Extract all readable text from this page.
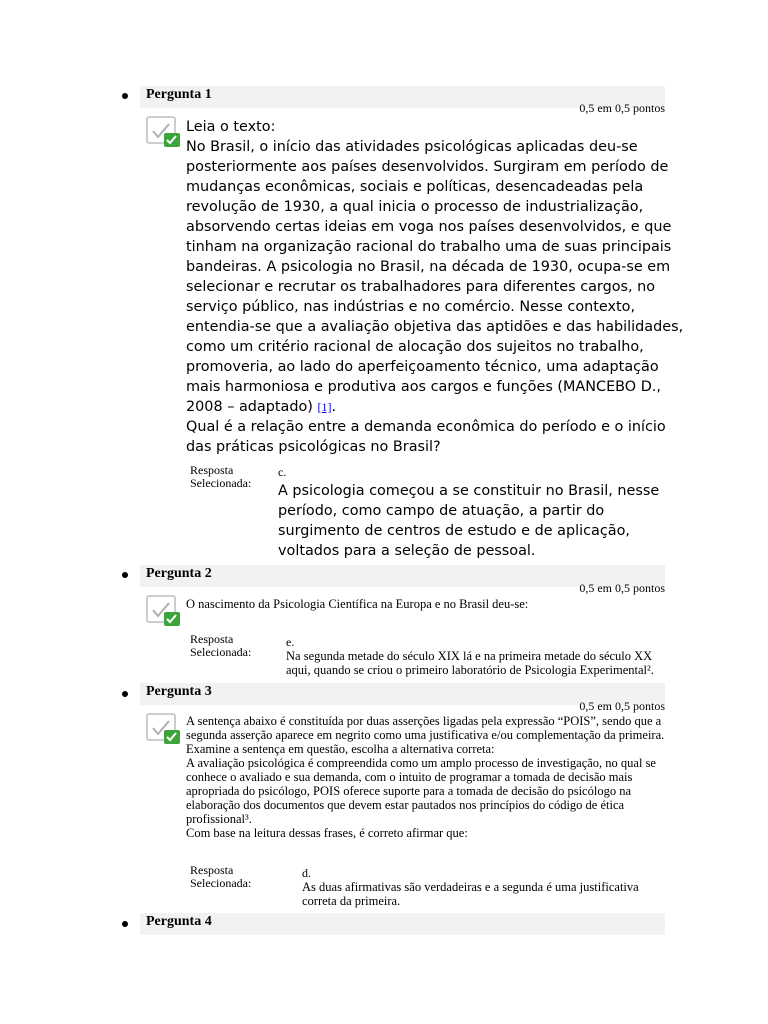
Pergunta 1
0,5 em 0,5 pontos
Leia o texto:
No Brasil, o início das atividades psicológicas aplicadas deu-se
posteriormente aos países desenvolvidos. Surgiram em período de
mudanças econômicas, sociais e políticas, desencadeadas pela
revolução de 1930, a qual inicia o processo de industrialização,
absorvendo certas ideias em voga nos países desenvolvidos, e que
tinham na organização racional do trabalho uma de suas principais
bandeiras. A psicologia no Brasil, na década de 1930, ocupa-se em
selecionar e recrutar os trabalhadores para diferentes cargos, no
serviço público, nas indústrias e no comércio. Nesse contexto,
entendia-se que a avaliação objetiva das aptidões e das habilidades,
como um critério racional de alocação dos sujeitos no trabalho,
promoveria, ao lado do aperfeiçoamento técnico, uma adaptação
mais harmoniosa e produtiva aos cargos e funções (MANCEBO D.,
2008 – adaptado) [1].
Qual é a relação entre a demanda econômica do período e o início
das práticas psicológicas no Brasil?
Resposta
Selecionada:
c.
A psicologia começou a se constituir no Brasil, nesse
período, como campo de atuação, a partir do
surgimento de centros de estudo e de aplicação,
voltados para a seleção de pessoal.
Pergunta 2
0,5 em 0,5 pontos
O nascimento da Psicologia Científica na Europa e no Brasil deu-se:
Resposta
Selecionada:
e.
Na segunda metade do século XIX lá e na primeira metade do século XX
aqui, quando se criou o primeiro laboratório de Psicologia Experimental².
Pergunta 3
0,5 em 0,5 pontos
A sentença abaixo é constituída por duas asserções ligadas pela expressão “POIS”, sendo que a
segunda asserção aparece em negrito como uma justificativa e/ou complementação da primeira.
Examine a sentença em questão, escolha a alternativa correta:
A avaliação psicológica é compreendida como um amplo processo de investigação, no qual se
conhece o avaliado e sua demanda, com o intuito de programar a tomada de decisão mais
apropriada do psicólogo, POIS oferece suporte para a tomada de decisão do psicólogo na
elaboração dos documentos que devem estar pautados nos princípios do código de ética
profissional³.
Com base na leitura dessas frases, é correto afirmar que:
Resposta
Selecionada:
d.
As duas afirmativas são verdadeiras e a segunda é uma justificativa
correta da primeira.
Pergunta 4
